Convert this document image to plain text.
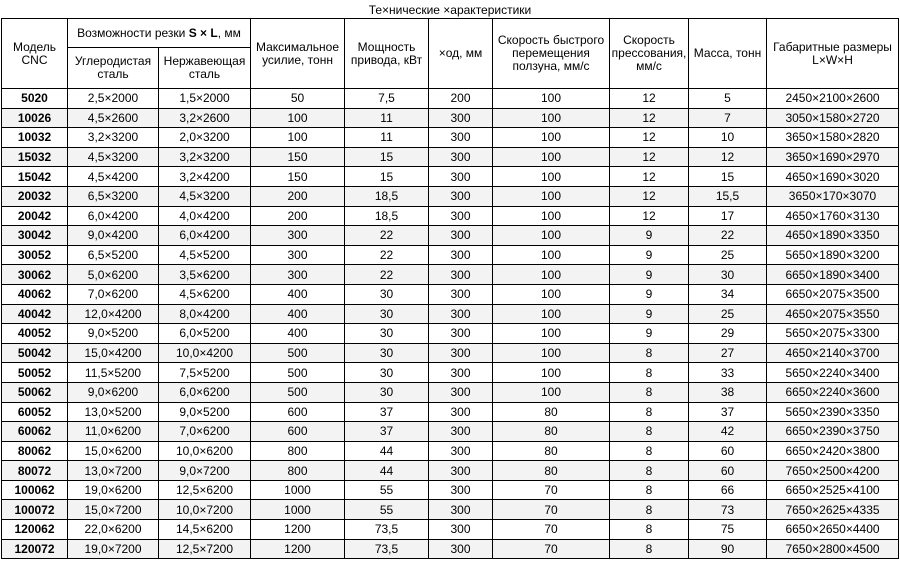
Те×нические ×арактеристики
Модель CNC	Возможности резки S × L, мм		Максимальное усилие, тонн	Мощность привода, кВт	×од, мм	Скорость быстрого перемещения ползуна, мм/с	Скорость прессования, мм/с	Масса, тонн	Габаритные размеры L×W×H
	Углеродистая сталь	Нержавеющая сталь							
5020	2,5×2000	1,5×2000	50	7,5	200	100	12	5	2450×2100×2600
10026	4,5×2600	3,2×2600	100	11	300	100	12	7	3050×1580×2720
10032	3,2×3200	2,0×3200	100	11	300	100	12	10	3650×1580×2820
15032	4,5×3200	3,2×3200	150	15	300	100	12	12	3650×1690×2970
15042	4,5×4200	3,2×4200	150	15	300	100	12	15	4650×1690×3020
20032	6,5×3200	4,5×3200	200	18,5	300	100	12	15,5	3650×170×3070
20042	6,0×4200	4,0×4200	200	18,5	300	100	12	17	4650×1760×3130
30042	9,0×4200	6,0×4200	300	22	300	100	9	22	4650×1890×3350
30052	6,5×5200	4,5×5200	300	22	300	100	9	25	5650×1890×3200
30062	5,0×6200	3,5×6200	300	22	300	100	9	30	6650×1890×3400
40062	7,0×6200	4,5×6200	400	30	300	100	9	34	6650×2075×3500
40042	12,0×4200	8,0×4200	400	30	300	100	9	25	4650×2075×3550
40052	9,0×5200	6,0×5200	400	30	300	100	9	29	5650×2075×3300
50042	15,0×4200	10,0×4200	500	30	300	100	8	27	4650×2140×3700
50052	11,5×5200	7,5×5200	500	30	300	100	8	33	5650×2240×3400
50062	9,0×6200	6,0×6200	500	30	300	100	8	38	6650×2240×3600
60052	13,0×5200	9,0×5200	600	37	300	80	8	37	5650×2390×3350
60062	11,0×6200	7,0×6200	600	37	300	80	8	42	6650×2390×3750
80062	15,0×6200	10,0×6200	800	44	300	80	8	60	6650×2420×3800
80072	13,0×7200	9,0×7200	800	44	300	80	8	60	7650×2500×4200
100062	19,0×6200	12,5×6200	1000	55	300	70	8	66	6650×2525×4100
100072	15,0×7200	10,0×7200	1000	55	300	70	8	73	7650×2625×4335
120062	22,0×6200	14,5×6200	1200	73,5	300	70	8	75	6650×2650×4400
120072	19,0×7200	12,5×7200	1200	73,5	300	70	8	90	7650×2800×4500
